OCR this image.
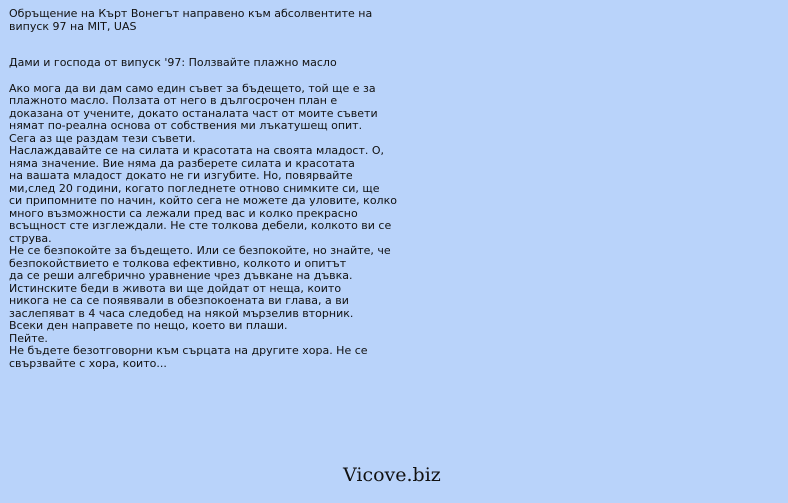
Обръщение на Кърт Вонегът направено към абсолвентите на
випуск 97 на MIT, UAS
Дами и господа от випуск '97: Ползвайте плажно масло
Ако мога да ви дам само един съвет за бъдещето, той ще е за
плажното масло. Ползата от него в дългосрочен план е
доказана от учените, докато останалата част от моите съвети
нямат по-реална основа от собствения ми лъкатушещ опит.
Сега аз ще раздам тези съвети.
Наслаждавайте се на силата и красотата на своята младост. О,
няма значение. Вие няма да разберете силата и красотата
на вашата младост докато не ги изгубите. Но, повярвайте
ми,след 20 години, когато погледнете отново снимките си, ще
си припомните по начин, който сега не можете да уловите, колко
много възможности са лежали пред вас и колко прекрасно
всъщност сте изглеждали. Не сте толкова дебели, колкото ви се
струва.
Не се безпокойте за бъдещето. Или се безпокойте, но знайте, че
безпокойствието е толкова ефективно, колкото и опитът
да се реши алгебрично уравнение чрез дъвкане на дъвка.
Истинските беди в живота ви ще дойдат от неща, които
никога не са се появявали в обезпокоената ви глава, а ви
заслепяват в 4 часа следобед на някой мързелив вторник.
Всеки ден направете по нещо, което ви плаши.
Пейте.
Не бъдете безотговорни към сърцата на другите хора. Не се
свързвайте с хора, които...
Vicove.biz
